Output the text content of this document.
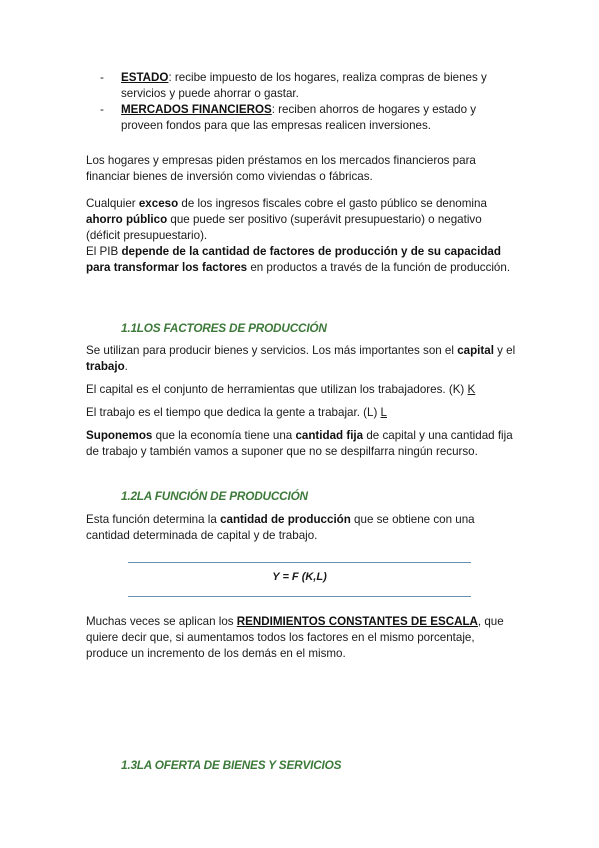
-	ESTADO: recibe impuesto de los hogares, realiza compras de bienes y servicios y puede ahorrar o gastar.
-	MERCADOS FINANCIEROS: reciben ahorros de hogares y estado y proveen fondos para que las empresas realicen inversiones.
Los hogares y empresas piden préstamos en los mercados financieros para financiar bienes de inversión como viviendas o fábricas.
Cualquier exceso de los ingresos fiscales cobre el gasto público se denomina ahorro público que puede ser positivo (superávit presupuestario) o negativo (déficit presupuestario).
El PIB depende de la cantidad de factores de producción y de su capacidad para transformar los factores en productos a través de la función de producción.
1.1LOS FACTORES DE PRODUCCIÓN
Se utilizan para producir bienes y servicios. Los más importantes son el capital y el trabajo.
El capital es el conjunto de herramientas que utilizan los trabajadores. (K) K
El trabajo es el tiempo que dedica la gente a trabajar. (L) L
Suponemos que la economía tiene una cantidad fija de capital y una cantidad fija de trabajo y también vamos a suponer que no se despilfarra ningún recurso.
1.2LA FUNCIÓN DE PRODUCCIÓN
Esta función determina la cantidad de producción que se obtiene con una cantidad determinada de capital y de trabajo.
Y = F (K,L)
Muchas veces se aplican los RENDIMIENTOS CONSTANTES DE ESCALA, que quiere decir que, si aumentamos todos los factores en el mismo porcentaje, produce un incremento de los demás en el mismo.
1.3LA OFERTA DE BIENES Y SERVICIOS
